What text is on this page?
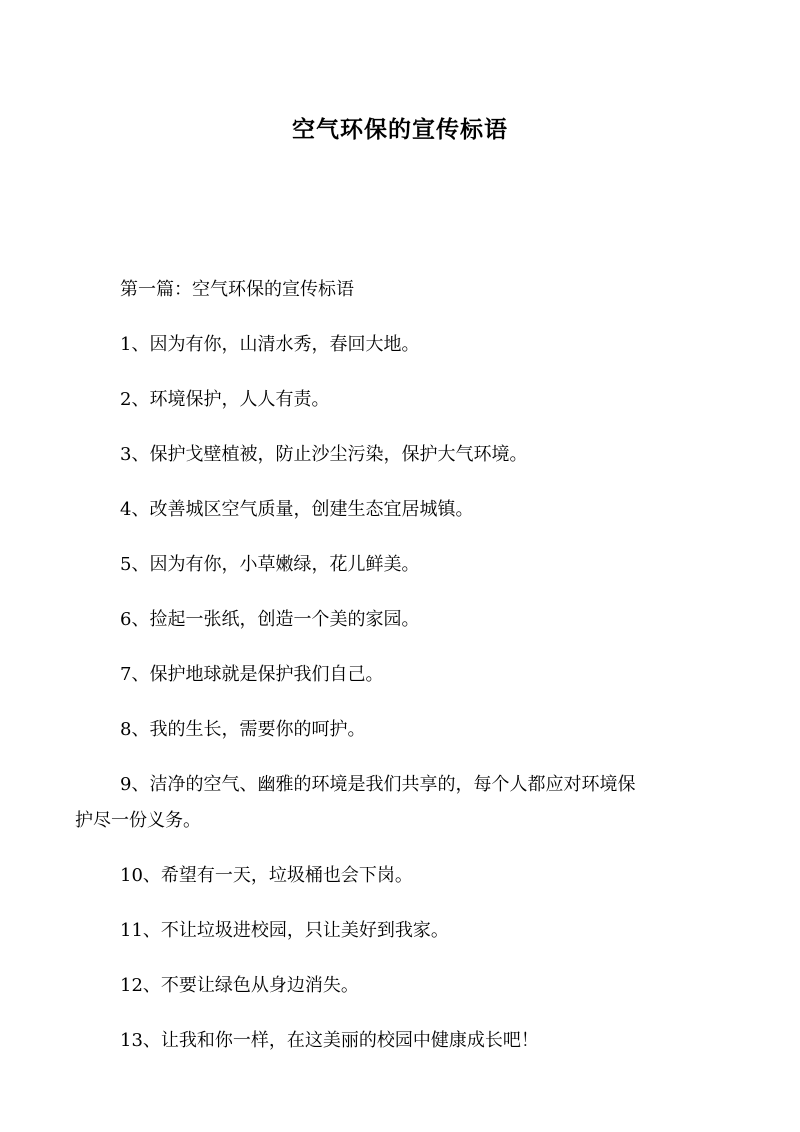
空气环保的宣传标语

第一篇：空气环保的宣传标语

1、因为有你，山清水秀，春回大地。

2、环境保护，人人有责。

3、保护戈壁植被，防止沙尘污染，保护大气环境。

4、改善城区空气质量，创建生态宜居城镇。

5、因为有你，小草嫩绿，花儿鲜美。

6、捡起一张纸，创造一个美的家园。

7、保护地球就是保护我们自己。

8、我的生长，需要你的呵护。

9、洁净的空气、幽雅的环境是我们共享的，每个人都应对环境保
护尽一份义务。

10、希望有一天，垃圾桶也会下岗。

11、不让垃圾进校园，只让美好到我家。

12、不要让绿色从身边消失。

13、让我和你一样，在这美丽的校园中健康成长吧！
